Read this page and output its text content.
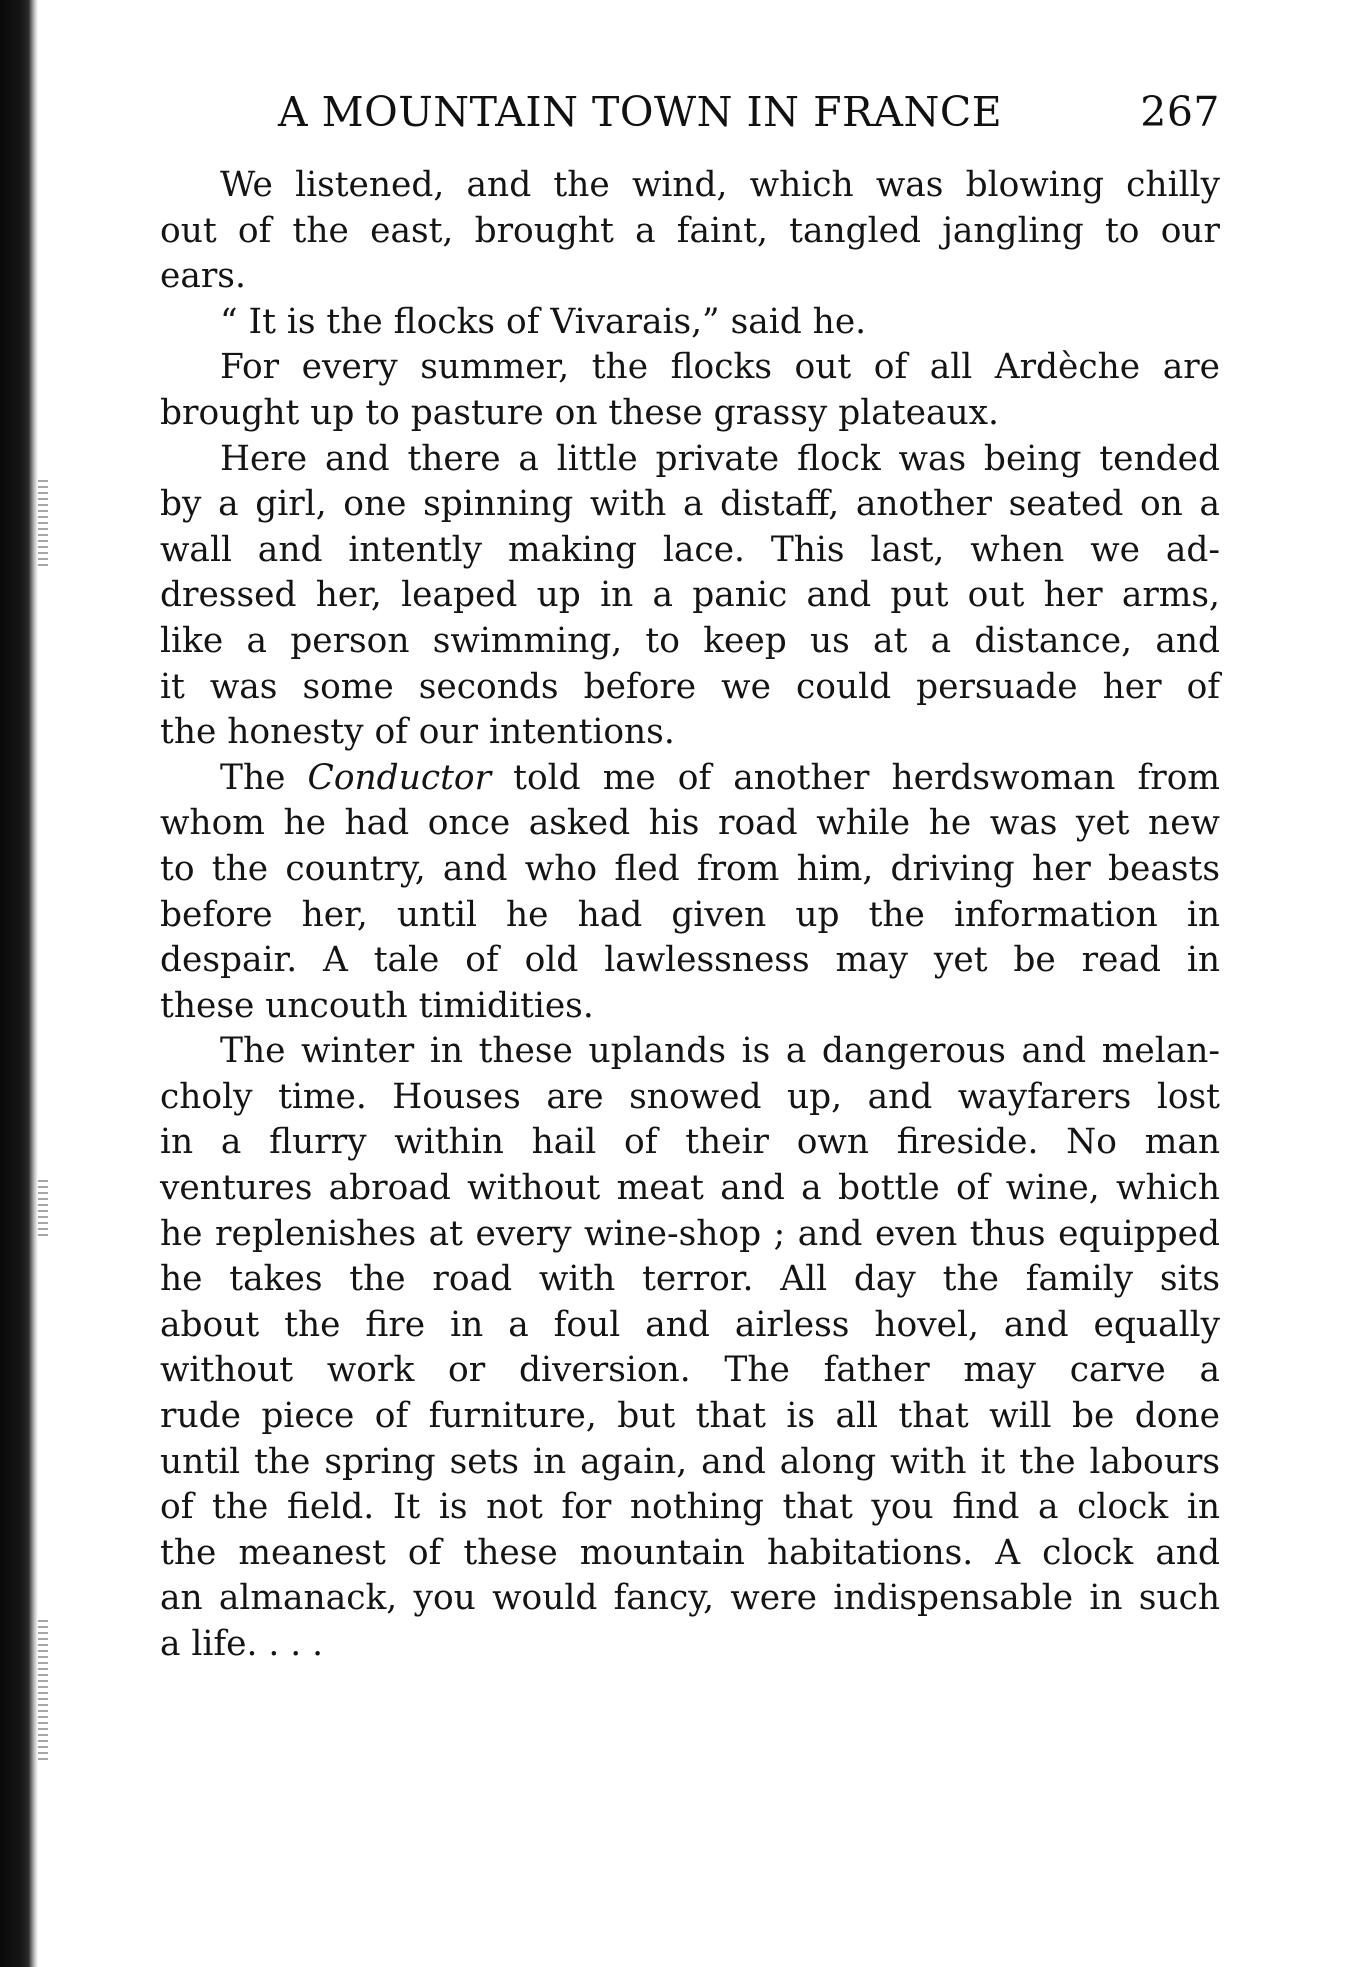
A MOUNTAIN TOWN IN FRANCE	267
We listened, and the wind, which was blowing chilly
out of the east, brought a faint, tangled jangling to our
ears.
“ It is the flocks of Vivarais,” said he.
For every summer, the flocks out of all Ardèche are
brought up to pasture on these grassy plateaux.
Here and there a little private flock was being tended
by a girl, one spinning with a distaff, another seated on a
wall and intently making lace. This last, when we ad-
dressed her, leaped up in a panic and put out her arms,
like a person swimming, to keep us at a distance, and
it was some seconds before we could persuade her of
the honesty of our intentions.
The Conductor told me of another herdswoman from
whom he had once asked his road while he was yet new
to the country, and who fled from him, driving her beasts
before her, until he had given up the information in
despair. A tale of old lawlessness may yet be read in
these uncouth timidities.
The winter in these uplands is a dangerous and melan-
choly time. Houses are snowed up, and wayfarers lost
in a flurry within hail of their own fireside. No man
ventures abroad without meat and a bottle of wine, which
he replenishes at every wine-shop ; and even thus equipped
he takes the road with terror. All day the family sits
about the fire in a foul and airless hovel, and equally
without work or diversion. The father may carve a
rude piece of furniture, but that is all that will be done
until the spring sets in again, and along with it the labours
of the field. It is not for nothing that you find a clock in
the meanest of these mountain habitations. A clock and
an almanack, you would fancy, were indispensable in such
a life. . . .
